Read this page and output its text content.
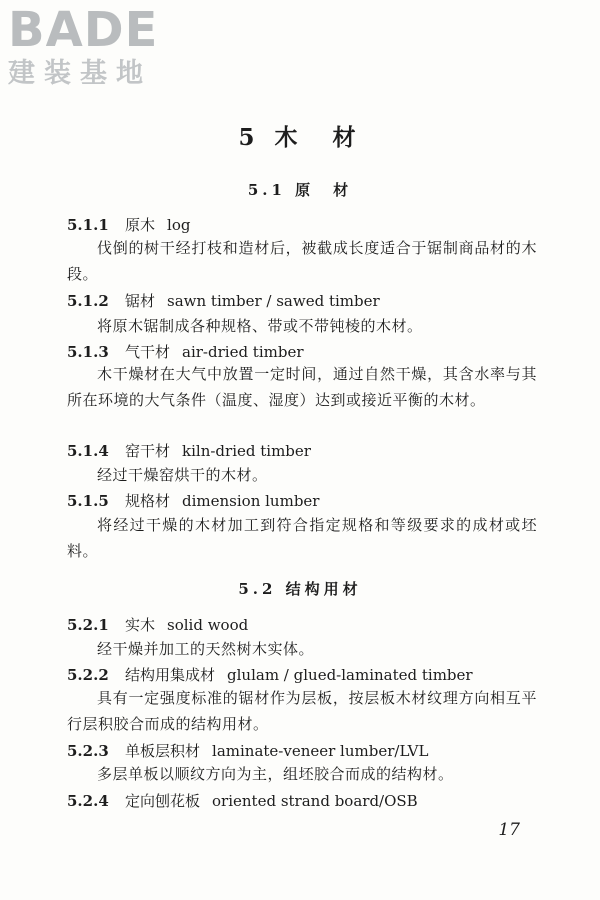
BADE
建装基地
5 木　材
5.1 原　材
5.1.1 原木 log
伐倒的树干经打枝和造材后，被截成长度适合于锯制商品材的木段。
5.1.2 锯材 sawn timber / sawed timber
将原木锯制成各种规格、带或不带钝棱的木材。
5.1.3 气干材 air-dried timber
木干燥材在大气中放置一定时间，通过自然干燥，其含水率与其所在环境的大气条件（温度、湿度）达到或接近平衡的木材。
5.1.4 窑干材 kiln-dried timber
经过干燥窑烘干的木材。
5.1.5 规格材 dimension lumber
将经过干燥的木材加工到符合指定规格和等级要求的成材或坯料。
5.2 结构用材
5.2.1 实木 solid wood
经干燥并加工的天然树木实体。
5.2.2 结构用集成材 glulam / glued-laminated timber
具有一定强度标准的锯材作为层板，按层板木材纹理方向相互平行层积胶合而成的结构用材。
5.2.3 单板层积材 laminate-veneer lumber/LVL
多层单板以顺纹方向为主，组坯胶合而成的结构材。
5.2.4 定向刨花板 oriented strand board/OSB
17
